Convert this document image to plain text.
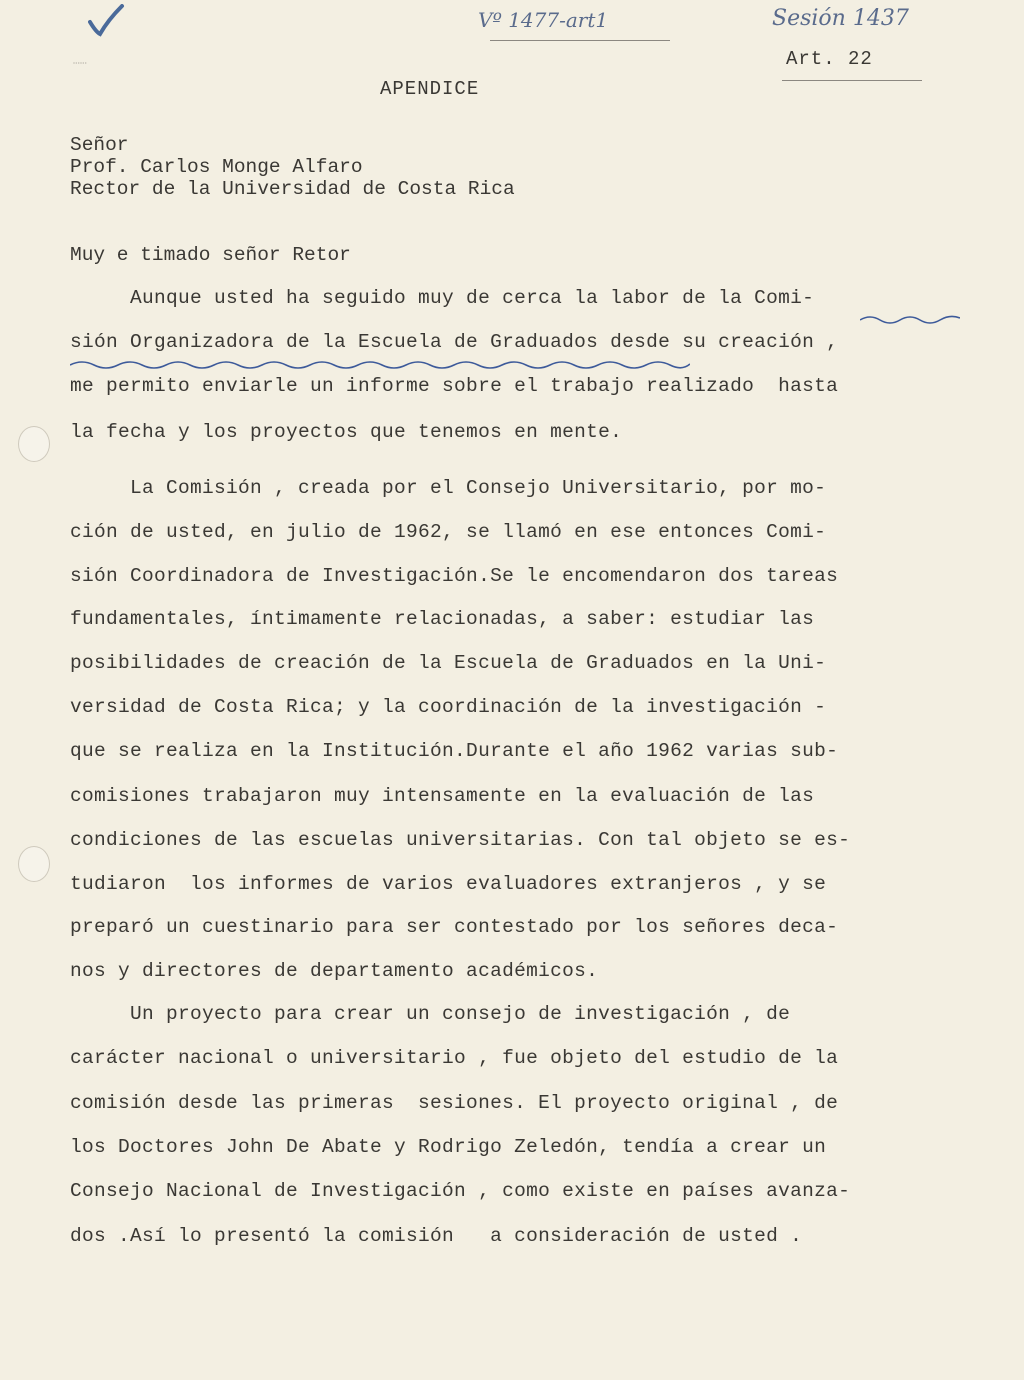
Vº 1477-art1	Sesión 1437
Art. 22
APENDICE
Señor
Prof. Carlos Monge Alfaro
Rector de la Universidad de Costa Rica
Muy e timado señor Retor
Aunque usted ha seguido muy de cerca la labor de la Comi-
sión Organizadora de la Escuela de Graduados desde su creación ,
me permito enviarle un informe sobre el trabajo realizado  hasta
la fecha y los proyectos que tenemos en mente.
La Comisión , creada por el Consejo Universitario, por mo-
ción de usted, en julio de 1962, se llamó en ese entonces Comi-
sión Coordinadora de Investigación.Se le encomendaron dos tareas
fundamentales, íntimamente relacionadas, a saber: estudiar las
posibilidades de creación de la Escuela de Graduados en la Uni-
versidad de Costa Rica; y la coordinación de la investigación -
que se realiza en la Institución.Durante el año 1962 varias sub-
comisiones trabajaron muy intensamente en la evaluación de las
condiciones de las escuelas universitarias. Con tal objeto se es-
tudiaron  los informes de varios evaluadores extranjeros , y se
preparó un cuestinario para ser contestado por los señores deca-
nos y directores de departamento académicos.
Un proyecto para crear un consejo de investigación , de
carácter nacional o universitario , fue objeto del estudio de la
comisión desde las primeras  sesiones. El proyecto original , de
los Doctores John De Abate y Rodrigo Zeledón, tendía a crear un
Consejo Nacional de Investigación , como existe en países avanza-
dos .Así lo presentó la comisión   a consideración de usted .
